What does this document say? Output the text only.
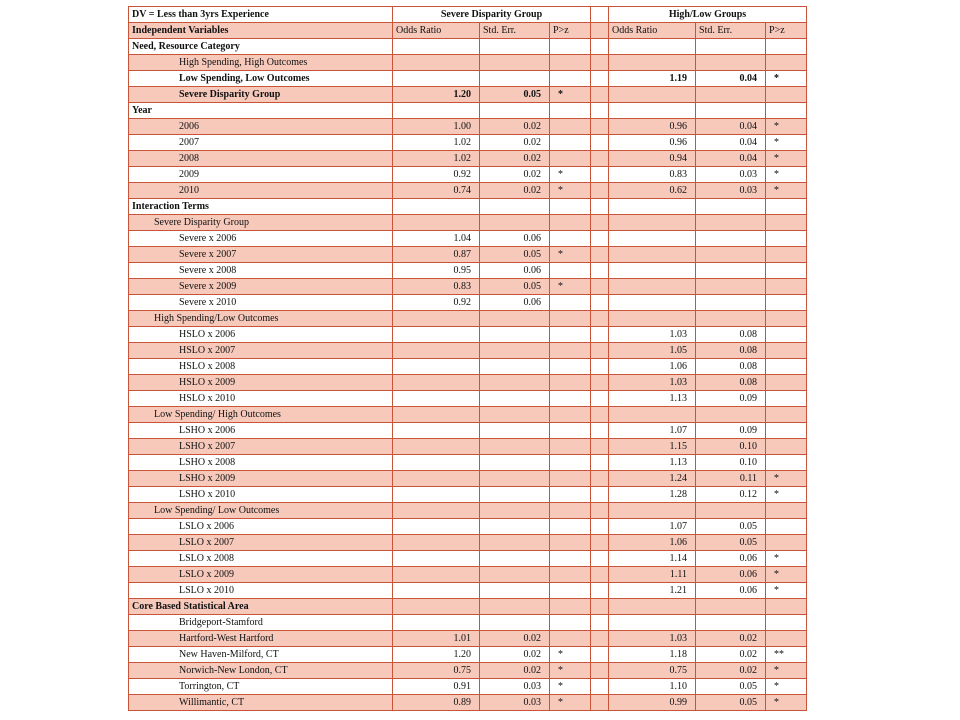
DV = Less than 3yrs Experience	Severe Disparity Group				High/Low Groups		
Independent Variables	Odds Ratio	Std. Err.	P>z		Odds Ratio	Std. Err.	P>z
Need, Resource Category							
High Spending, High Outcomes							
Low Spending, Low Outcomes					1.19	0.04	*
Severe Disparity Group	1.20	0.05	*				
Year							
2006	1.00	0.02			0.96	0.04	*
2007	1.02	0.02			0.96	0.04	*
2008	1.02	0.02			0.94	0.04	*
2009	0.92	0.02	*		0.83	0.03	*
2010	0.74	0.02	*		0.62	0.03	*
Interaction Terms							
Severe Disparity Group							
Severe x 2006	1.04	0.06					
Severe x 2007	0.87	0.05	*				
Severe x 2008	0.95	0.06					
Severe x 2009	0.83	0.05	*				
Severe x 2010	0.92	0.06					
High Spending/Low Outcomes							
HSLO x 2006					1.03	0.08	
HSLO x 2007					1.05	0.08	
HSLO x 2008					1.06	0.08	
HSLO x 2009					1.03	0.08	
HSLO x 2010					1.13	0.09	
Low Spending/ High Outcomes							
LSHO x 2006					1.07	0.09	
LSHO x 2007					1.15	0.10	
LSHO x 2008					1.13	0.10	
LSHO x 2009					1.24	0.11	*
LSHO x 2010					1.28	0.12	*
Low Spending/ Low Outcomes							
LSLO x 2006					1.07	0.05	
LSLO x 2007					1.06	0.05	
LSLO x 2008					1.14	0.06	*
LSLO x 2009					1.11	0.06	*
LSLO x 2010					1.21	0.06	*
Core Based Statistical Area							
Bridgeport-Stamford							
Hartford-West Hartford	1.01	0.02			1.03	0.02	
New Haven-Milford, CT	1.20	0.02	*		1.18	0.02	**
Norwich-New London, CT	0.75	0.02	*		0.75	0.02	*
Torrington, CT	0.91	0.03	*		1.10	0.05	*
Willimantic, CT	0.89	0.03	*		0.99	0.05	*
